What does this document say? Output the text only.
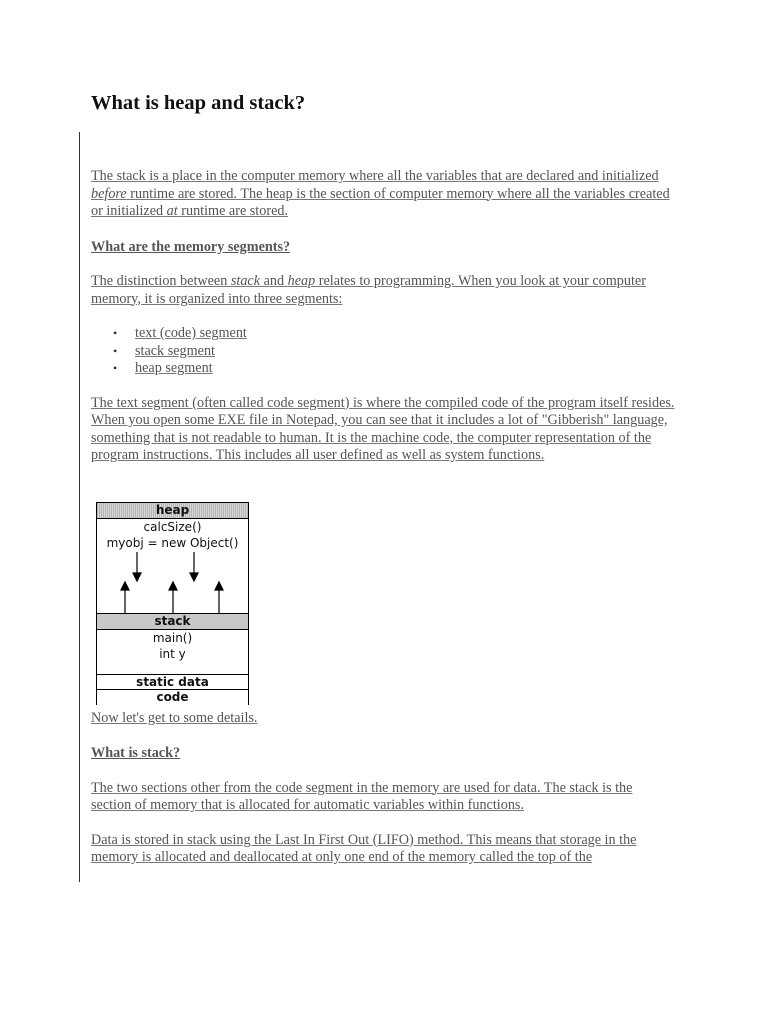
What is heap and stack?

The stack is a place in the computer memory where all the variables that are declared and initialized before runtime are stored. The heap is the section of computer memory where all the variables created or initialized at runtime are stored.

What are the memory segments?

The distinction between stack and heap relates to programming. When you look at your computer memory, it is organized into three segments:

• text (code) segment
• stack segment
• heap segment

The text segment (often called code segment) is where the compiled code of the program itself resides. When you open some EXE file in Notepad, you can see that it includes a lot of "Gibberish" language, something that is not readable to human. It is the machine code, the computer representation of the program instructions. This includes all user defined as well as system functions.

Now let's get to some details.

What is stack?

The two sections other from the code segment in the memory are used for data. The stack is the section of memory that is allocated for automatic variables within functions.

Data is stored in stack using the Last In First Out (LIFO) method. This means that storage in the memory is allocated and deallocated at only one end of the memory called the top of the

heap
calcSize()
myobj = new Object()
stack
main()
int y
static data
code
